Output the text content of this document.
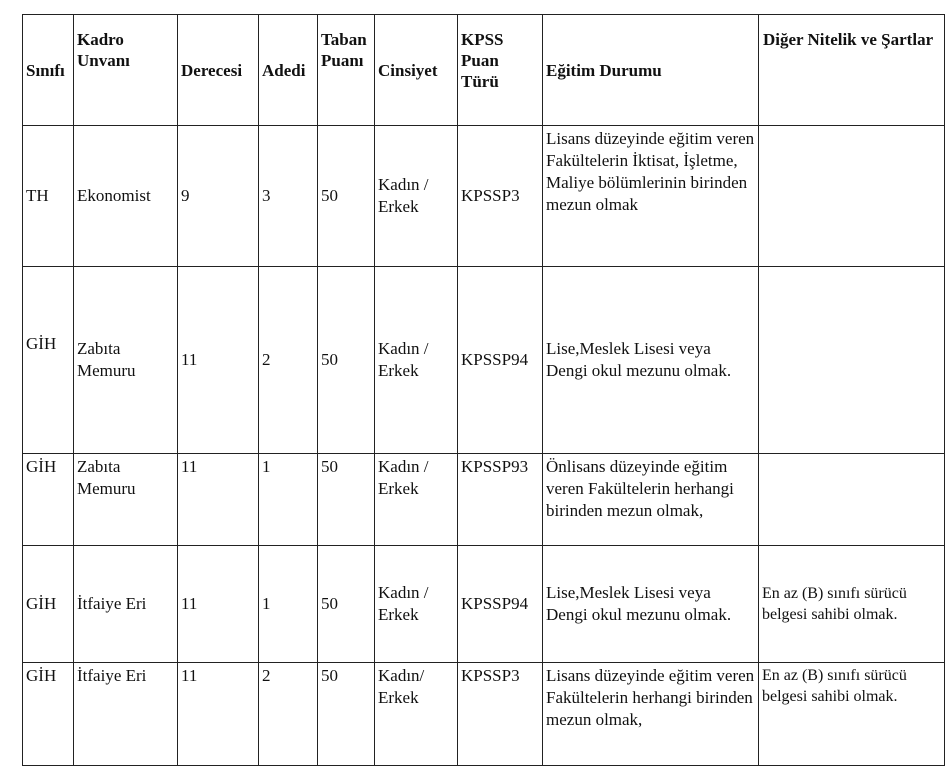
Sınıfı	Kadro Unvanı	Derecesi	Adedi	Taban Puanı	Cinsiyet	KPSS Puan Türü	Eğitim Durumu	Diğer Nitelik ve Şartlar
TH	Ekonomist	9	3	50	Kadın / Erkek	KPSSP3	Lisans düzeyinde eğitim veren Fakültelerin İktisat, İşletme, Maliye bölümlerinin birinden mezun olmak	
GİH	Zabıta Memuru	11	2	50	Kadın / Erkek	KPSSP94	Lise,Meslek Lisesi veya Dengi okul mezunu olmak.	
GİH	Zabıta Memuru	11	1	50	Kadın / Erkek	KPSSP93	Önlisans düzeyinde eğitim veren Fakültelerin herhangi birinden mezun olmak,	
GİH	İtfaiye Eri	11	1	50	Kadın / Erkek	KPSSP94	Lise,Meslek Lisesi veya Dengi okul mezunu olmak.	En az (B) sınıfı sürücü belgesi sahibi olmak.
GİH	İtfaiye Eri	11	2	50	Kadın/ Erkek	KPSSP3	Lisans düzeyinde eğitim veren Fakültelerin herhangi birinden mezun olmak,	En az (B) sınıfı sürücü belgesi sahibi olmak.
